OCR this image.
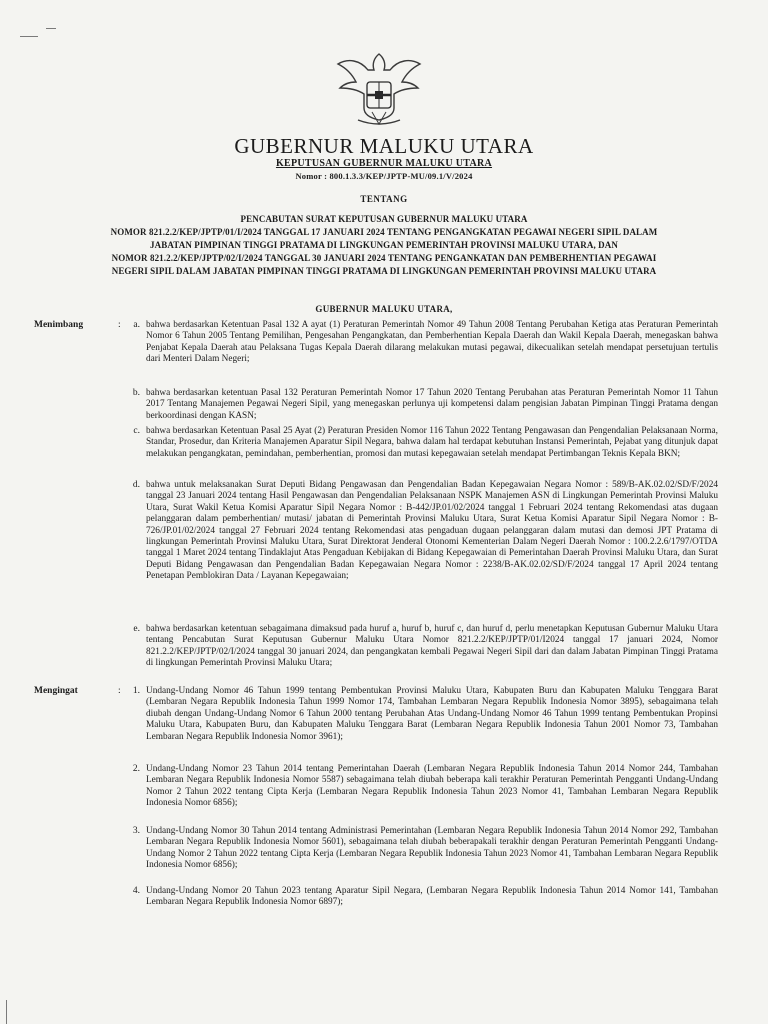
GUBERNUR MALUKU UTARA
KEPUTUSAN GUBERNUR MALUKU UTARA
Nomor : 800.1.3.3/KEP/JPTP-MU/09.1/V/2024
TENTANG
PENCABUTAN SURAT KEPUTUSAN GUBERNUR MALUKU UTARA
NOMOR 821.2.2/KEP/JPTP/01/I/2024 TANGGAL 17 JANUARI 2024 TENTANG PENGANGKATAN PEGAWAI NEGERI SIPIL DALAM
JABATAN PIMPINAN TINGGI PRATAMA DI LINGKUNGAN PEMERINTAH PROVINSI MALUKU UTARA, DAN
NOMOR 821.2.2/KEP/JPTP/02/I/2024 TANGGAL 30 JANUARI 2024 TENTANG PENGANKATAN DAN PEMBERHENTIAN PEGAWAI
NEGERI SIPIL DALAM JABATAN PIMPINAN TINGGI PRATAMA DI LINGKUNGAN PEMERINTAH PROVINSI MALUKU UTARA
GUBERNUR MALUKU UTARA,
Menimbang	:	a. bahwa berdasarkan Ketentuan Pasal 132 A ayat (1) Peraturan Pemerintah Nomor 49 Tahun 2008 Tentang Perubahan Ketiga atas Peraturan Pemerintah Nomor 6 Tahun 2005 Tentang Pemilihan, Pengesahan Pengangkatan, dan Pemberhentian Kepala Daerah dan Wakil Kepala Daerah, menegaskan bahwa Penjabat Kepala Daerah atau Pelaksana Tugas Kepala Daerah dilarang melakukan mutasi pegawai, dikecualikan setelah mendapat persetujuan tertulis dari Menteri Dalam Negeri;
b. bahwa berdasarkan ketentuan Pasal 132 Peraturan Pemerintah Nomor 17 Tahun 2020 Tentang Perubahan atas Peraturan Pemerintah Nomor 11 Tahun 2017 Tentang Manajemen Pegawai Negeri Sipil, yang menegaskan perlunya uji kompetensi dalam pengisian Jabatan Pimpinan Tinggi Pratama dengan berkoordinasi dengan KASN;
c. bahwa berdasarkan Ketentuan Pasal 25 Ayat (2) Peraturan Presiden Nomor 116 Tahun 2022 Tentang Pengawasan dan Pengendalian Pelaksanaan Norma, Standar, Prosedur, dan Kriteria Manajemen Aparatur Sipil Negara, bahwa dalam hal terdapat kebutuhan Instansi Pemerintah, Pejabat yang ditunjuk dapat melakukan pengangkatan, pemindahan, pemberhentian, promosi dan mutasi kepegawaian setelah mendapat Pertimbangan Teknis Kepala BKN;
d. bahwa untuk melaksanakan Surat Deputi Bidang Pengawasan dan Pengendalian Badan Kepegawaian Negara Nomor : 589/B-AK.02.02/SD/F/2024 tanggal 23 Januari 2024 tentang Hasil Pengawasan dan Pengendalian Pelaksanaan NSPK Manajemen ASN di Lingkungan Pemerintah Provinsi Maluku Utara, Surat Wakil Ketua Komisi Aparatur Sipil Negara Nomor : B-442/JP.01/02/2024 tanggal 1 Februari 2024 tentang Rekomendasi atas dugaan pelanggaran dalam pemberhentian/ mutasi/ jabatan di Pemerintah Provinsi Maluku Utara, Surat Ketua Komisi Aparatur Sipil Negara Nomor : B-726/JP.01/02/2024 tanggal 27 Februari 2024 tentang Rekomendasi atas pengaduan dugaan pelanggaran dalam mutasi dan demosi JPT Pratama di lingkungan Pemerintah Provinsi Maluku Utara, Surat Direktorat Jenderal Otonomi Kementerian Dalam Negeri Daerah Nomor : 100.2.2.6/1797/OTDA tanggal 1 Maret 2024 tentang Tindaklajut Atas Pengaduan Kebijakan di Bidang Kepegawaian di Pemerintahan Daerah Provinsi Maluku Utara, dan Surat Deputi Bidang Pengawasan dan Pengendalian Badan Kepegawaian Negara Nomor : 2238/B-AK.02.02/SD/F/2024 tanggal 17 April 2024 tentang Penetapan Pemblokiran Data / Layanan Kepegawaian;
e. bahwa berdasarkan ketentuan sebagaimana dimaksud pada huruf a, huruf b, huruf c, dan huruf d, perlu menetapkan Keputusan Gubernur Maluku Utara tentang Pencabutan Surat Keputusan Gubernur Maluku Utara Nomor 821.2.2/KEP/JPTP/01/I2024 tanggal 17 januari 2024, Nomor 821.2.2/KEP/JPTP/02/I/2024 tanggal 30 januari 2024, dan pengangkatan kembali Pegawai Negeri Sipil dari dan dalam Jabatan Pimpinan Tinggi Pratama di lingkungan Pemerintah Provinsi Maluku Utara;
Mengingat	:	1. Undang-Undang Nomor 46 Tahun 1999 tentang Pembentukan Provinsi Maluku Utara, Kabupaten Buru dan Kabupaten Maluku Tenggara Barat (Lembaran Negara Republik Indonesia Tahun 1999 Nomor 174, Tambahan Lembaran Negara Republik Indonesia Nomor 3895), sebagaimana telah diubah dengan Undang-Undang Nomor 6 Tahun 2000 tentang Perubahan Atas Undang-Undang Nomor 46 Tahun 1999 tentang Pembentukan Propinsi Maluku Utara, Kabupaten Buru, dan Kabupaten Maluku Tenggara Barat (Lembaran Negara Republik Indonesia Tahun 2001 Nomor 73, Tambahan Lembaran Negara Republik Indonesia Nomor 3961);
2. Undang-Undang Nomor 23 Tahun 2014 tentang Pemerintahan Daerah (Lembaran Negara Republik Indonesia Tahun 2014 Nomor 244, Tambahan Lembaran Negara Republik Indonesia Nomor 5587) sebagaimana telah diubah beberapa kali terakhir Peraturan Pemerintah Pengganti Undang-Undang Nomor 2 Tahun 2022 tentang Cipta Kerja (Lembaran Negara Republik Indonesia Tahun 2023 Nomor 41, Tambahan Lembaran Negara Republik Indonesia Nomor 6856);
3. Undang-Undang Nomor 30 Tahun 2014 tentang Administrasi Pemerintahan (Lembaran Negara Republik Indonesia Tahun 2014 Nomor 292, Tambahan Lembaran Negara Republik Indonesia Nomor 5601), sebagaimana telah diubah beberapakali terakhir dengan Peraturan Pemerintah Pengganti Undang-Undang Nomor 2 Tahun 2022 tentang Cipta Kerja (Lembaran Negara Republik Indonesia Tahun 2023 Nomor 41, Tambahan Lembaran Negara Republik Indonesia Nomor 6856);
4. Undang-Undang Nomor 20 Tahun 2023 tentang Aparatur Sipil Negara, (Lembaran Negara Republik Indonesia Tahun 2014 Nomor 141, Tambahan Lembaran Negara Republik Indonesia Nomor 6897);
